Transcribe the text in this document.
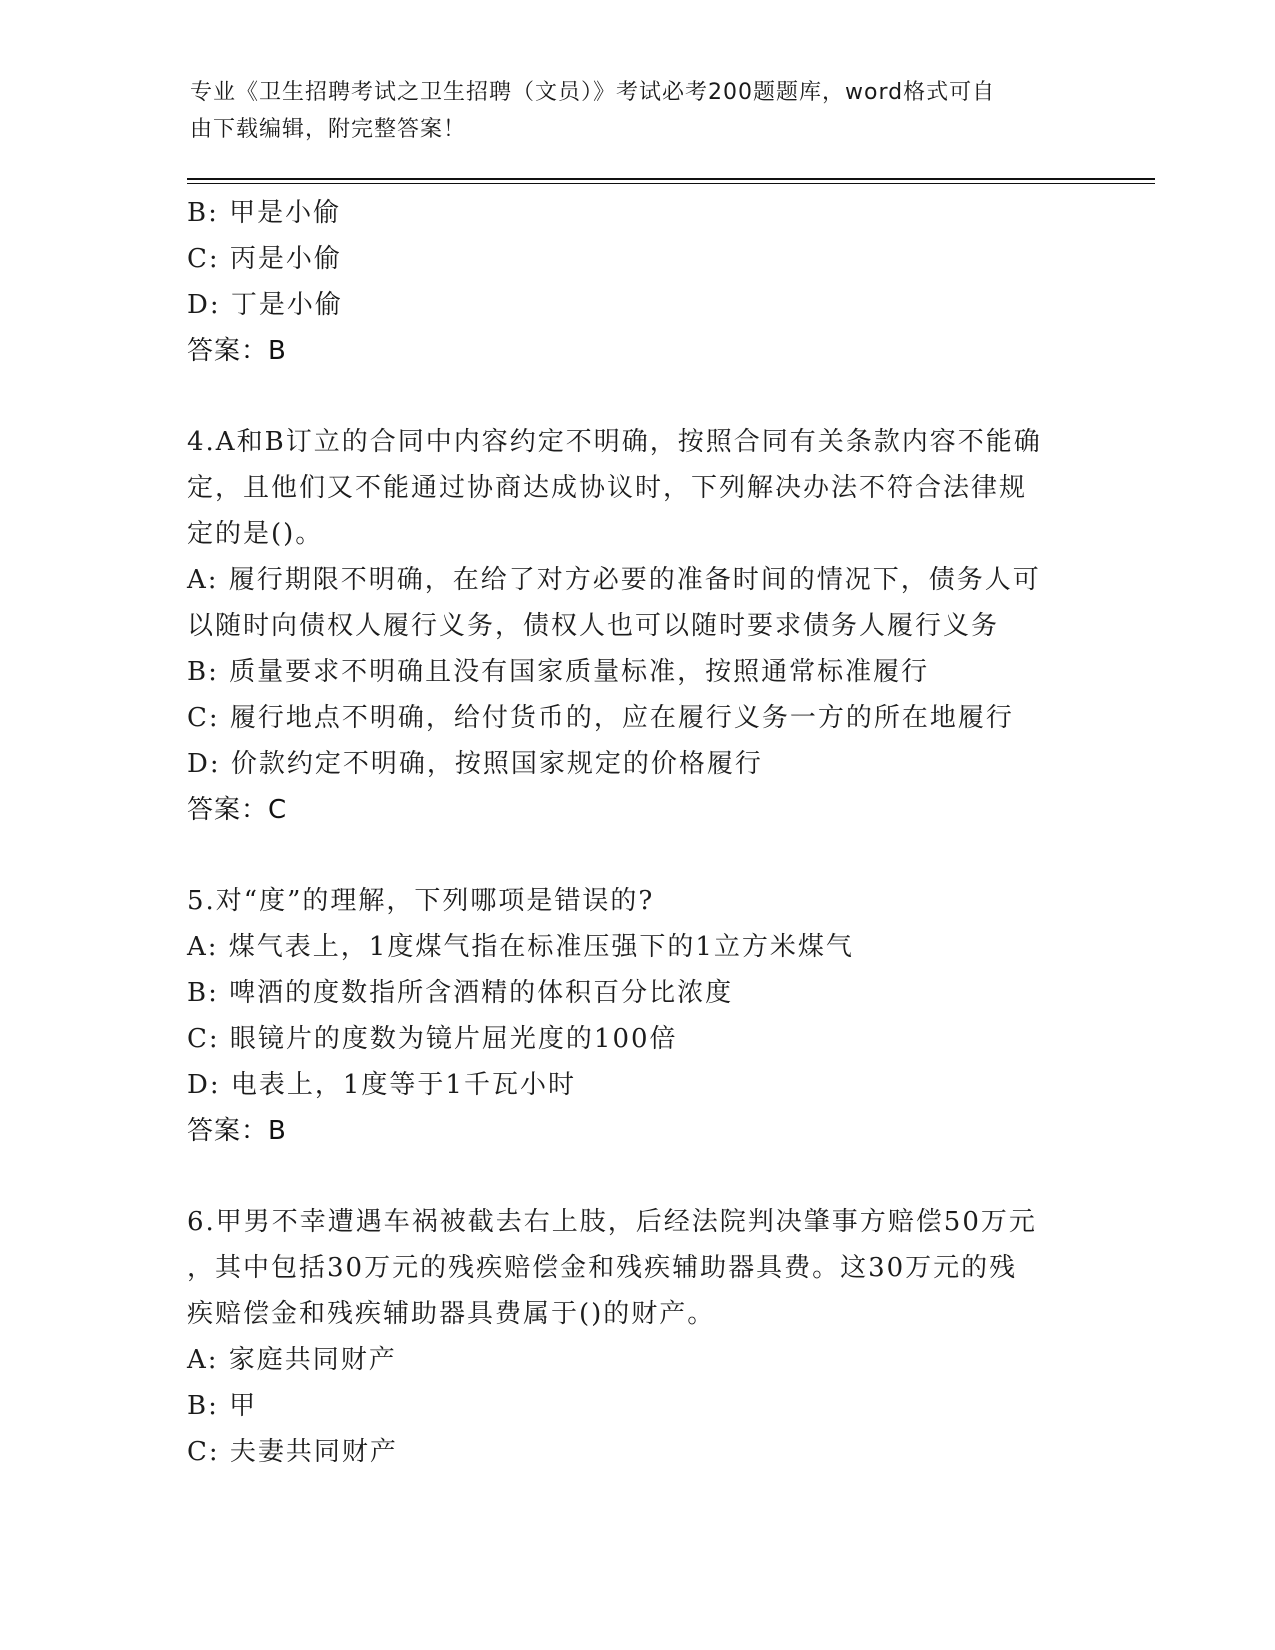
专业《卫生招聘考试之卫生招聘（文员）》考试必考200题题库，word格式可自
由下载编辑，附完整答案！
B: 甲是小偷
C: 丙是小偷
D: 丁是小偷
答案：B
4.A和B订立的合同中内容约定不明确，按照合同有关条款内容不能确
定，且他们又不能通过协商达成协议时，下列解决办法不符合法律规
定的是()。
A: 履行期限不明确，在给了对方必要的准备时间的情况下，债务人可
以随时向债权人履行义务，债权人也可以随时要求债务人履行义务
B: 质量要求不明确且没有国家质量标准，按照通常标准履行
C: 履行地点不明确，给付货币的，应在履行义务一方的所在地履行
D: 价款约定不明确，按照国家规定的价格履行
答案：C
5.对“度”的理解，下列哪项是错误的?
A: 煤气表上，1度煤气指在标准压强下的1立方米煤气
B: 啤酒的度数指所含酒精的体积百分比浓度
C: 眼镜片的度数为镜片屈光度的100倍
D: 电表上，1度等于1千瓦小时
答案：B
6.甲男不幸遭遇车祸被截去右上肢，后经法院判决肇事方赔偿50万元
，其中包括30万元的残疾赔偿金和残疾辅助器具费。这30万元的残
疾赔偿金和残疾辅助器具费属于()的财产。
A: 家庭共同财产
B: 甲
C: 夫妻共同财产
